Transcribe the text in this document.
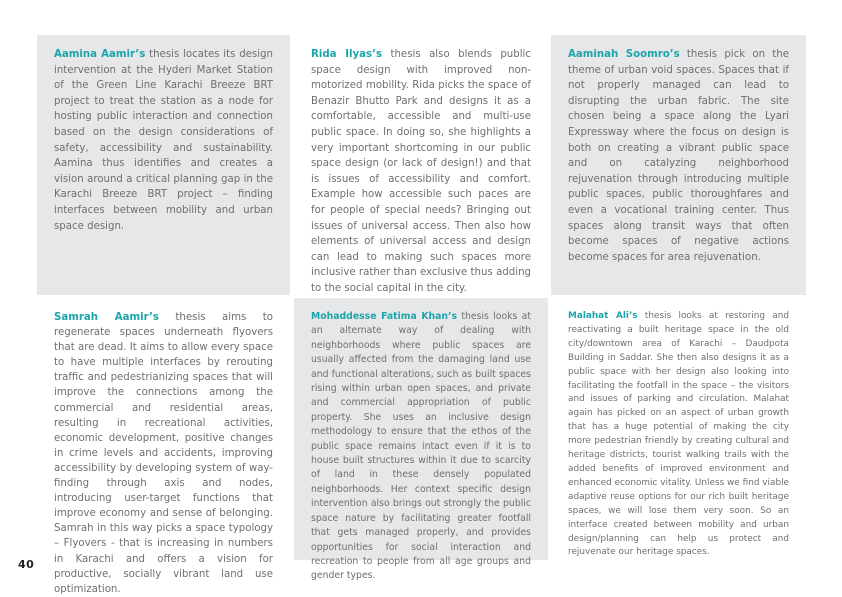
Aamina Aamir’s thesis locates its design intervention at the Hyderi Market Station of the Green Line Karachi Breeze BRT project to treat the station as a node for hosting public interaction and connection based on the design considerations of safety, accessibility and sustainability. Aamina thus identifies and creates a vision around a critical planning gap in the Karachi Breeze BRT project – finding interfaces between mobility and urban space design.
Rida Ilyas’s thesis also blends public space design with improved non-motorized mobility. Rida picks the space of Benazir Bhutto Park and designs it as a comfortable, accessible and multi-use public space. In doing so, she highlights a very important shortcoming in our public space design (or lack of design!) and that is issues of accessibility and comfort. Example how accessible such paces are for people of special needs? Bringing out issues of universal access. Then also how elements of universal access and design can lead to making such spaces more inclusive rather than exclusive thus adding to the social capital in the city.
Aaminah Soomro’s thesis pick on the theme of urban void spaces. Spaces that if not properly managed can lead to disrupting the urban fabric. The site chosen being a space along the Lyari Expressway where the focus on design is both on creating a vibrant public space and on catalyzing neighborhood rejuvenation through introducing multiple public spaces, public thoroughfares and even a vocational training center. Thus spaces along transit ways that often become spaces of negative actions become spaces for area rejuvenation.
Samrah Aamir’s thesis aims to regenerate spaces underneath flyovers that are dead. It aims to allow every space to have multiple interfaces by rerouting traffic and pedestrianizing spaces that will improve the connections among the commercial and residential areas, resulting in recreational activities, economic development, positive changes in crime levels and accidents, improving accessibility by developing system of way-finding through axis and nodes, introducing user-target functions that improve economy and sense of belonging. Samrah in this way picks a space typology – Flyovers - that is increasing in numbers in Karachi and offers a vision for productive, socially vibrant land use optimization.
Mohaddesse Fatima Khan’s thesis looks at an alternate way of dealing with neighborhoods where public spaces are usually affected from the damaging land use and functional alterations, such as built spaces rising within urban open spaces, and private and commercial appropriation of public property. She uses an inclusive design methodology to ensure that the ethos of the public space remains intact even if it is to house built structures within it due to scarcity of land in these densely populated neighborhoods. Her context specific design intervention also brings out strongly the public space nature by facilitating greater footfall that gets managed properly, and provides opportunities for social interaction and recreation to people from all age groups and gender types.
Malahat Ali’s thesis looks at restoring and reactivating a built heritage space in the old city/downtown area of Karachi – Daudpota Building in Saddar. She then also designs it as a public space with her design also looking into facilitating the footfall in the space – the visitors and issues of parking and circulation. Malahat again has picked on an aspect of urban growth that has a huge potential of making the city more pedestrian friendly by creating cultural and heritage districts, tourist walking trails with the added benefits of improved environment and enhanced economic vitality. Unless we find viable adaptive reuse options for our rich built heritage spaces, we will lose them very soon. So an interface created between mobility and urban design/planning can help us protect and rejuvenate our heritage spaces.
40
